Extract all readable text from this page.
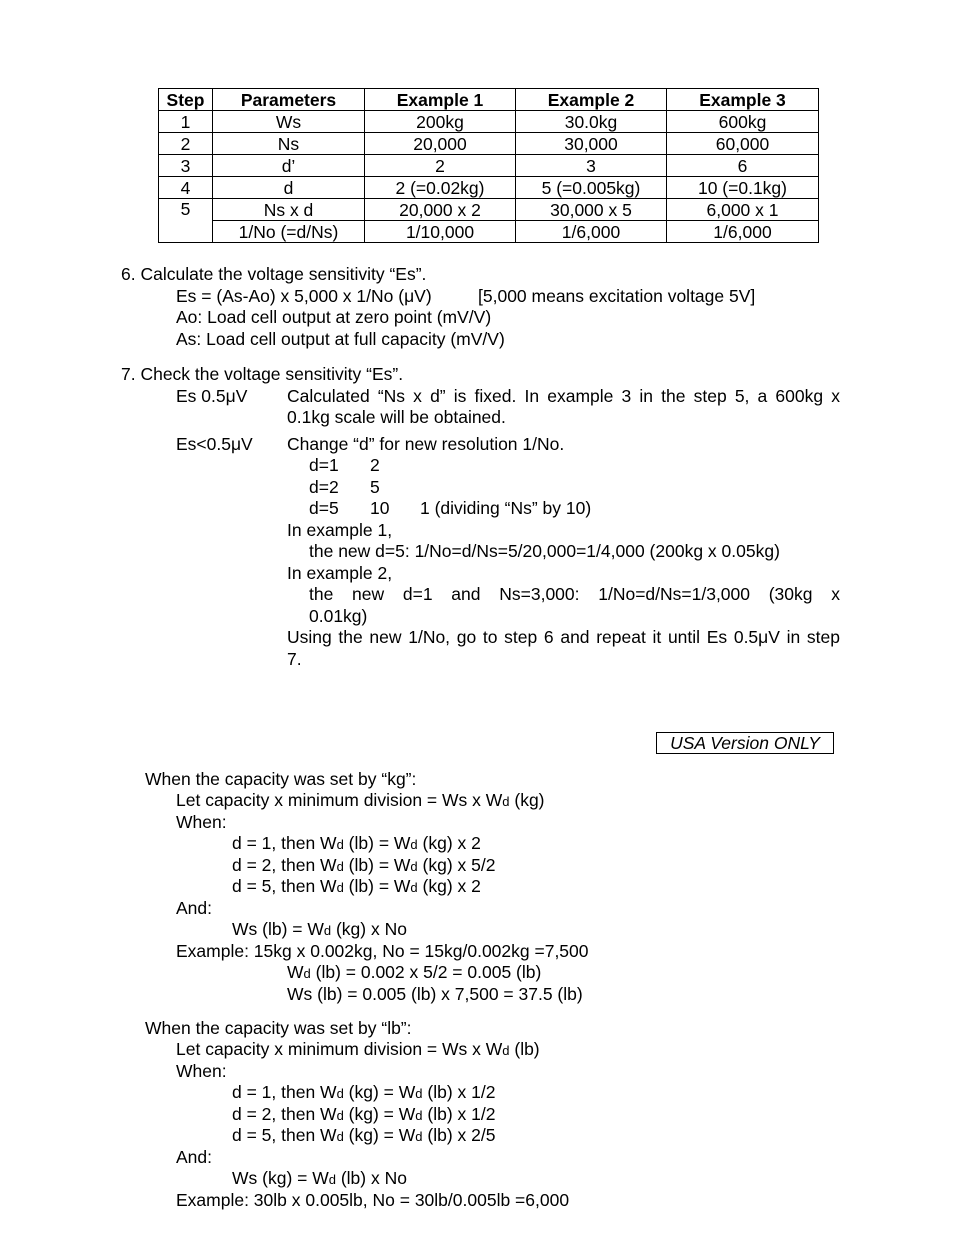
Step	Parameters	Example 1	Example 2	Example 3
1	Ws	200kg	30.0kg	600kg
2	Ns	20,000	30,000	60,000
3	d’	2	3	6
4	d	2 (=0.02kg)	5 (=0.005kg)	10 (=0.1kg)
5	Ns x d	20,000 x 2	30,000 x 5	6,000 x 1
	1/No (=d/Ns)	1/10,000	1/6,000	1/6,000
6. Calculate the voltage sensitivity “Es”.
Es = (As-Ao) x 5,000 x 1/No (μV)	[5,000 means excitation voltage 5V]
Ao: Load cell output at zero point (mV/V)
As: Load cell output at full capacity (mV/V)
7. Check the voltage sensitivity “Es”.
Es 0.5μV Calculated “Ns x d” is fixed. In example 3 in the step 5, a 600kg x
0.1kg scale will be obtained.
Es<0.5μV Change “d” for new resolution 1/No.
d=1 2
d=2 5
d=5 10 1 (dividing “Ns” by 10)
In example 1,
the new d=5: 1/No=d/Ns=5/20,000=1/4,000 (200kg x 0.05kg)
In example 2,
the new d=1 and Ns=3,000: 1/No=d/Ns=1/3,000 (30kg x
0.01kg)
Using the new 1/No, go to step 6 and repeat it until Es 0.5μV in step
7.
USA Version ONLY
When the capacity was set by “kg”:
Let capacity x minimum division = Ws x Wd (kg)
When:
d = 1, then Wd (lb) = Wd (kg) x 2
d = 2, then Wd (lb) = Wd (kg) x 5/2
d = 5, then Wd (lb) = Wd (kg) x 2
And:
Ws (lb) = Wd (kg) x No
Example: 15kg x 0.002kg, No = 15kg/0.002kg =7,500
Wd (lb) = 0.002 x 5/2 = 0.005 (lb)
Ws (lb) = 0.005 (lb) x 7,500 = 37.5 (lb)
When the capacity was set by “lb”:
Let capacity x minimum division = Ws x Wd (lb)
When:
d = 1, then Wd (kg) = Wd (lb) x 1/2
d = 2, then Wd (kg) = Wd (lb) x 1/2
d = 5, then Wd (kg) = Wd (lb) x 2/5
And:
Ws (kg) = Wd (lb) x No
Example: 30lb x 0.005lb, No = 30lb/0.005lb =6,000
